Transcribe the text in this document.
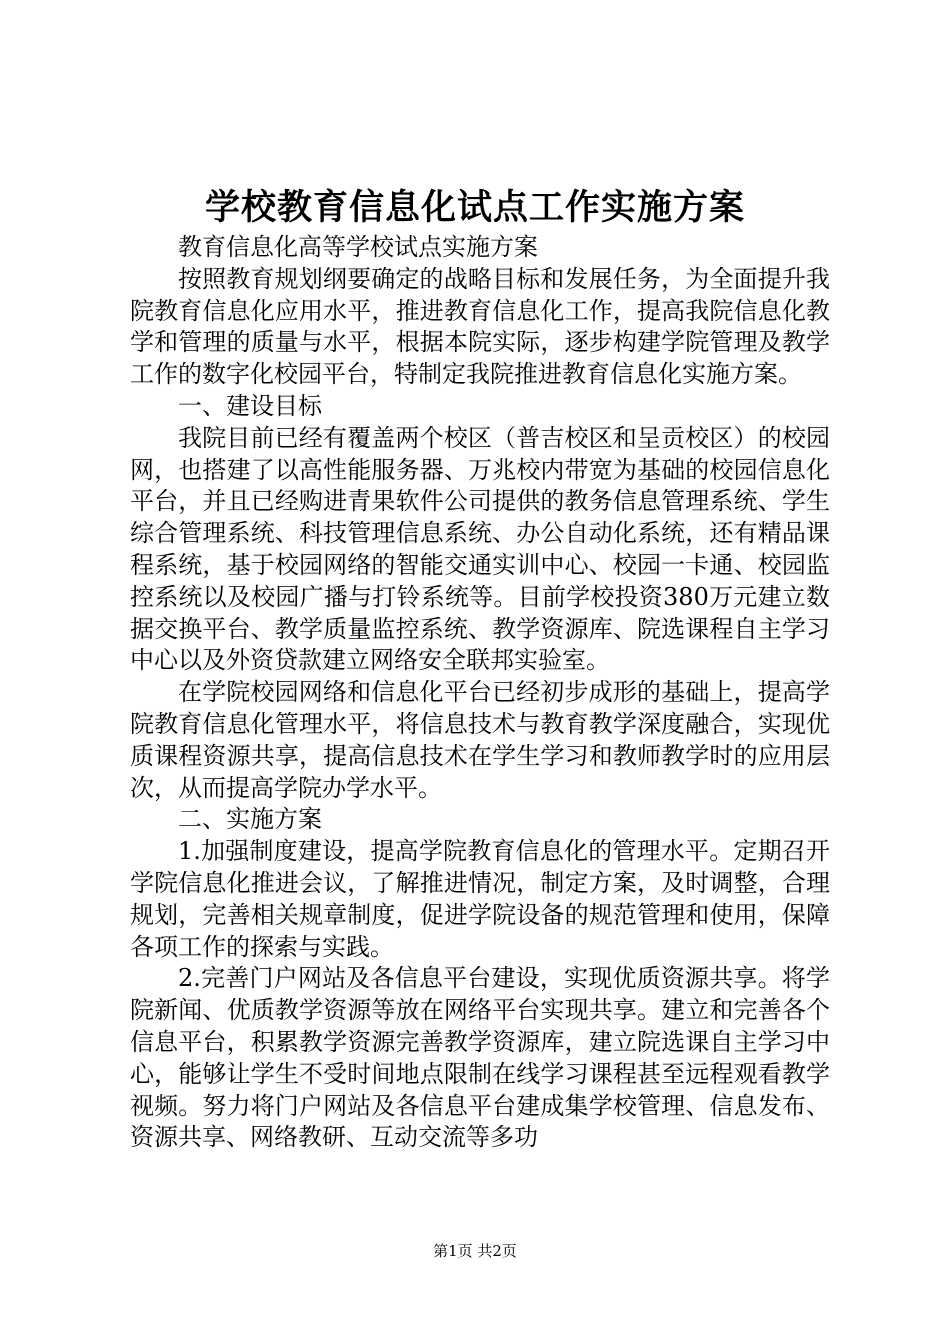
学校教育信息化试点工作实施方案

教育信息化高等学校试点实施方案

按照教育规划纲要确定的战略目标和发展任务，为全面提升我院教育信息化应用水平，推进教育信息化工作，提高我院信息化教学和管理的质量与水平，根据本院实际，逐步构建学院管理及教学工作的数字化校园平台，特制定我院推进教育信息化实施方案。

一、建设目标

我院目前已经有覆盖两个校区（普吉校区和呈贡校区）的校园网，也搭建了以高性能服务器、万兆校内带宽为基础的校园信息化平台，并且已经购进青果软件公司提供的教务信息管理系统、学生综合管理系统、科技管理信息系统、办公自动化系统，还有精品课程系统，基于校园网络的智能交通实训中心、校园一卡通、校园监控系统以及校园广播与打铃系统等。目前学校投资380万元建立数据交换平台、教学质量监控系统、教学资源库、院选课程自主学习中心以及外资贷款建立网络安全联邦实验室。

在学院校园网络和信息化平台已经初步成形的基础上，提高学院教育信息化管理水平，将信息技术与教育教学深度融合，实现优质课程资源共享，提高信息技术在学生学习和教师教学时的应用层次，从而提高学院办学水平。

二、实施方案

1.加强制度建设，提高学院教育信息化的管理水平。定期召开学院信息化推进会议，了解推进情况，制定方案，及时调整，合理规划，完善相关规章制度，促进学院设备的规范管理和使用，保障各项工作的探索与实践。

2.完善门户网站及各信息平台建设，实现优质资源共享。将学院新闻、优质教学资源等放在网络平台实现共享。建立和完善各个信息平台，积累教学资源完善教学资源库，建立院选课自主学习中心，能够让学生不受时间地点限制在线学习课程甚至远程观看教学视频。努力将门户网站及各信息平台建成集学校管理、信息发布、资源共享、网络教研、互动交流等多功

第1页 共2页
